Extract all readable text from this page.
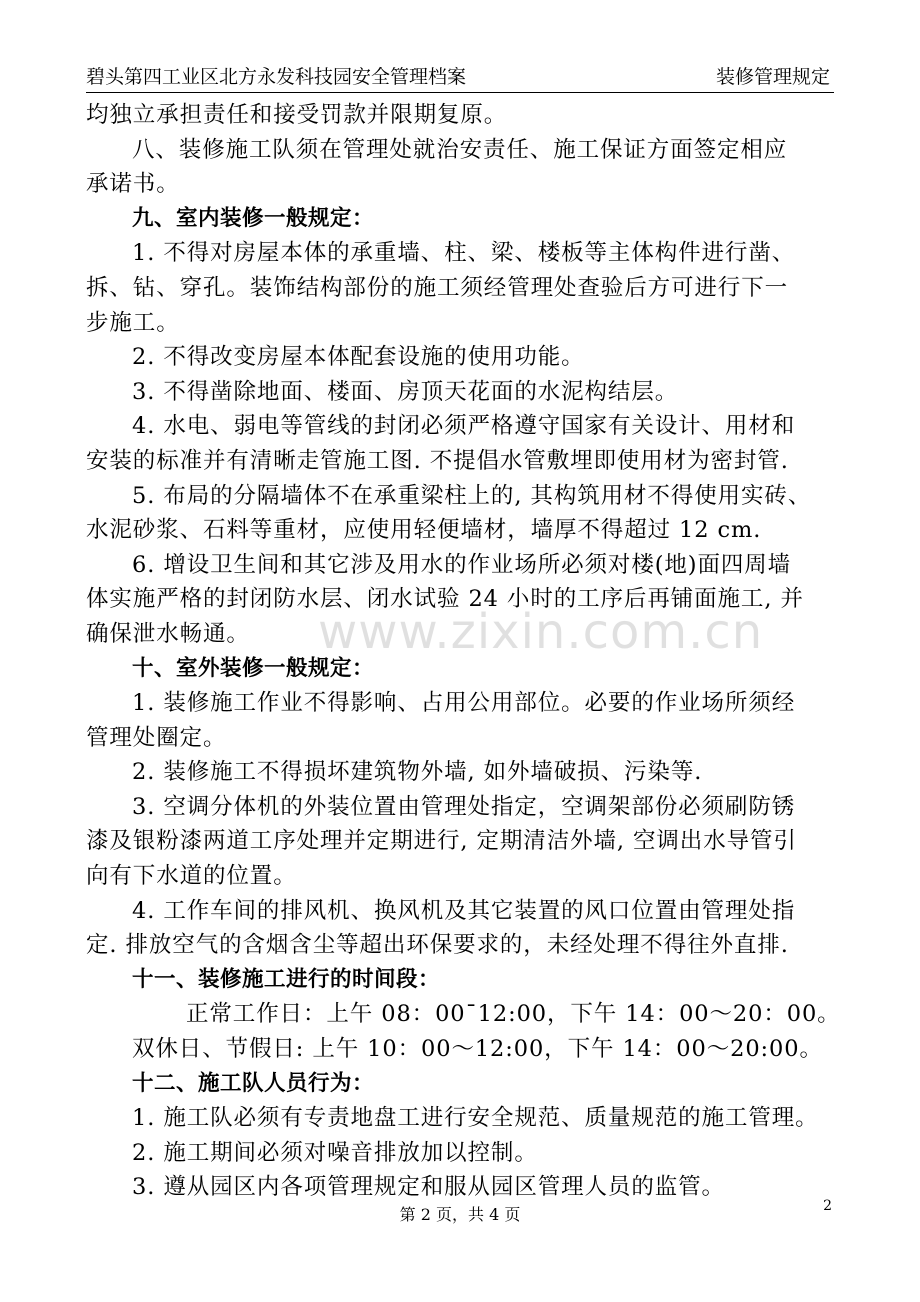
碧头第四工业区北方永发科技园安全管理档案	装修管理规定

均独立承担责任和接受罚款并限期复原。

八、装修施工队须在管理处就治安责任、施工保证方面签定相应

承诺书。

九、室内装修一般规定：

1. 不得对房屋本体的承重墙、柱、梁、楼板等主体构件进行凿、

拆、钻、穿孔。装饰结构部份的施工须经管理处查验后方可进行下一

步施工。

2. 不得改变房屋本体配套设施的使用功能。

3. 不得凿除地面、楼面、房顶天花面的水泥构结层。

4. 水电、弱电等管线的封闭必须严格遵守国家有关设计、用材和

安装的标准并有清晰走管施工图. 不提倡水管敷埋即使用材为密封管.

5. 布局的分隔墙体不在承重梁柱上的, 其构筑用材不得使用实砖、

水泥砂浆、石料等重材，应使用轻便墙材，墙厚不得超过 12 cm.

6. 增设卫生间和其它涉及用水的作业场所必须对楼(地)面四周墙

体实施严格的封闭防水层、闭水试验 24 小时的工序后再铺面施工, 并

确保泄水畅通。

十、室外装修一般规定：

1. 装修施工作业不得影响、占用公用部位。必要的作业场所须经

管理处圈定。

2. 装修施工不得损坏建筑物外墙, 如外墙破损、污染等.

3. 空调分体机的外装位置由管理处指定，空调架部份必须刷防锈

漆及银粉漆两道工序处理并定期进行, 定期清洁外墙, 空调出水导管引

向有下水道的位置。

4. 工作车间的排风机、换风机及其它装置的风口位置由管理处指

定. 排放空气的含烟含尘等超出环保要求的，未经处理不得往外直排.

十一、装修施工进行的时间段：

正常工作日：上午 08：00¯12:00，下午 14：00～20：00。

双休日、节假日: 上午 10：00～12:00，下午 14：00～20:00。

十二、施工队人员行为：

1. 施工队必须有专责地盘工进行安全规范、质量规范的施工管理。

2. 施工期间必须对噪音排放加以控制。

3. 遵从园区内各项管理规定和服从园区管理人员的监管。

www.zixin.com.cn
第 2 页，共 4 页	2
